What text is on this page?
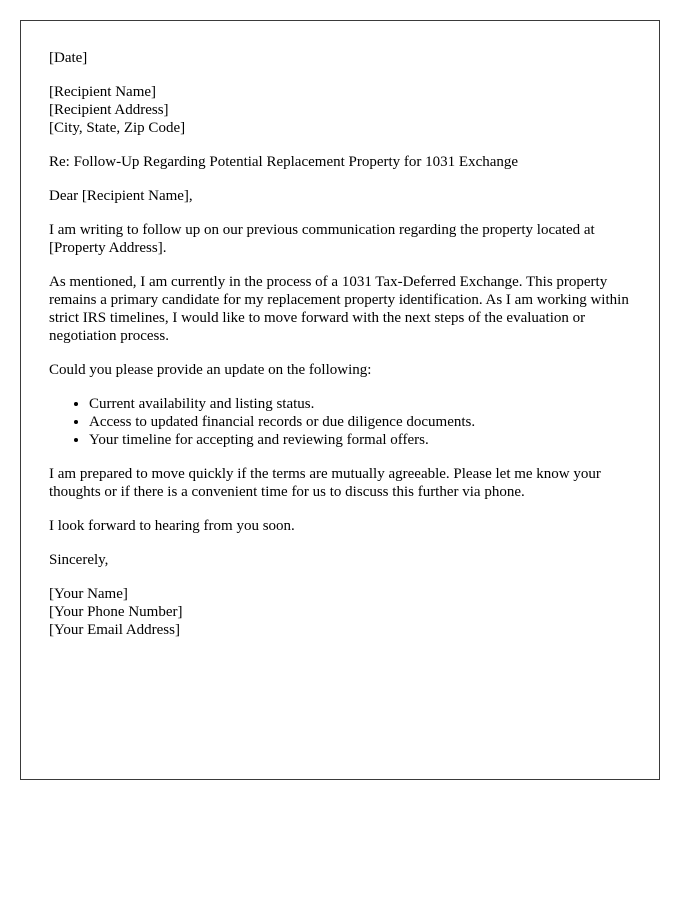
[Date]

[Recipient Name]
[Recipient Address]
[City, State, Zip Code]

Re: Follow-Up Regarding Potential Replacement Property for 1031 Exchange

Dear [Recipient Name],

I am writing to follow up on our previous communication regarding the property located at [Property Address].

As mentioned, I am currently in the process of a 1031 Tax-Deferred Exchange. This property remains a primary candidate for my replacement property identification. As I am working within strict IRS timelines, I would like to move forward with the next steps of the evaluation or negotiation process.

Could you please provide an update on the following:

• Current availability and listing status.
• Access to updated financial records or due diligence documents.
• Your timeline for accepting and reviewing formal offers.

I am prepared to move quickly if the terms are mutually agreeable. Please let me know your thoughts or if there is a convenient time for us to discuss this further via phone.

I look forward to hearing from you soon.

Sincerely,

[Your Name]
[Your Phone Number]
[Your Email Address]
